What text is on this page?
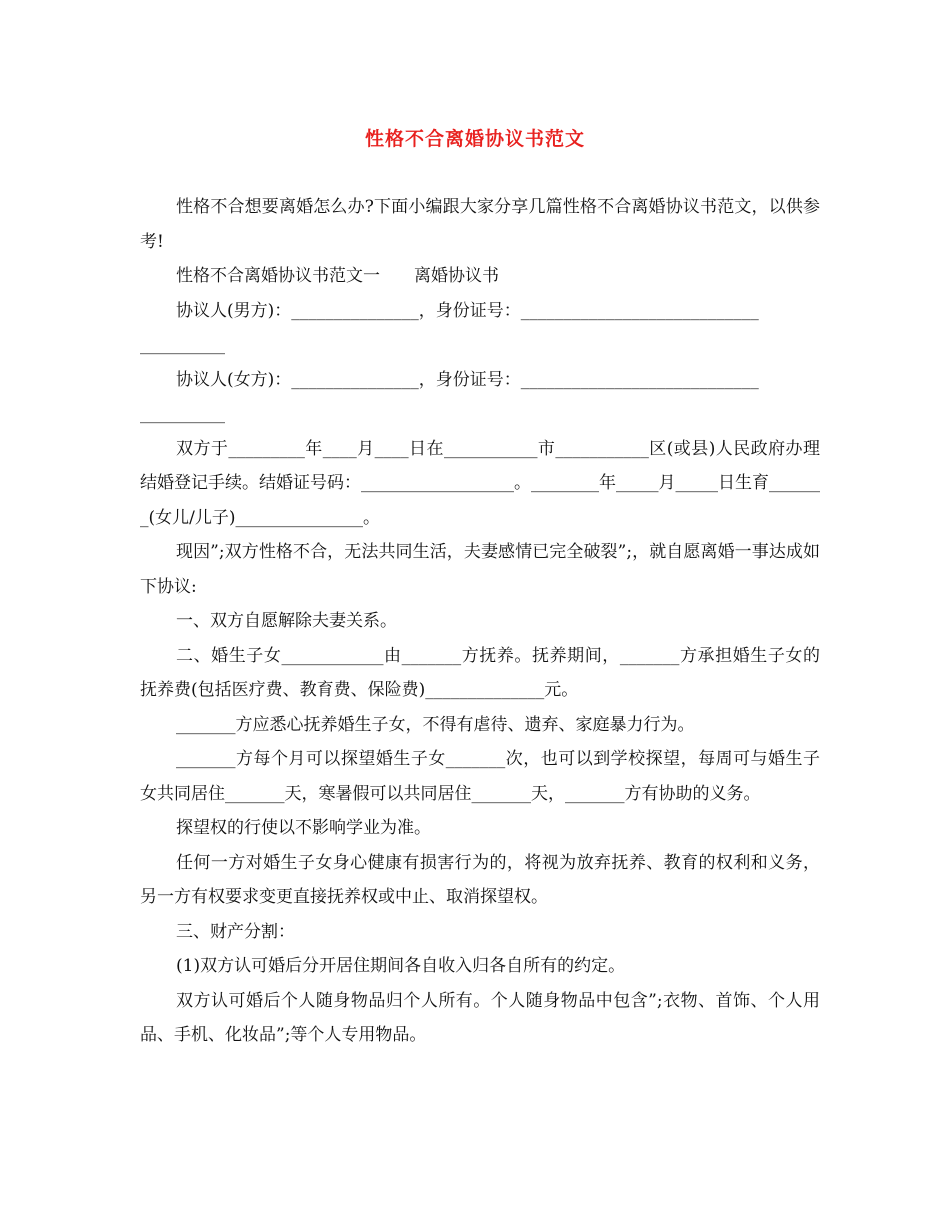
性格不合离婚协议书范文

性格不合想要离婚怎么办?下面小编跟大家分享几篇性格不合离婚协议书范文，以供参考!

性格不合离婚协议书范文一　　离婚协议书

协议人(男方)：_______________，身份证号：____________________________

__________

协议人(女方)：_______________，身份证号：____________________________

__________

双方于_________年____月____日在___________市___________区(或县)人民政府办理结婚登记手续。结婚证号码：__________________。________年_____月_____日生育_______(女儿/儿子)_______________。

现因”;双方性格不合，无法共同生活，夫妻感情已完全破裂”;，就自愿离婚一事达成如下协议:

一、双方自愿解除夫妻关系。

二、婚生子女____________由_______方抚养。抚养期间，_______方承担婚生子女的抚养费(包括医疗费、教育费、保险费)______________元。

_______方应悉心抚养婚生子女，不得有虐待、遗弃、家庭暴力行为。

_______方每个月可以探望婚生子女_______次，也可以到学校探望，每周可与婚生子女共同居住_______天，寒暑假可以共同居住_______天，_______方有协助的义务。

探望权的行使以不影响学业为准。

任何一方对婚生子女身心健康有损害行为的，将视为放弃抚养、教育的权利和义务，另一方有权要求变更直接抚养权或中止、取消探望权。

三、财产分割：

(1)双方认可婚后分开居住期间各自收入归各自所有的约定。

双方认可婚后个人随身物品归个人所有。个人随身物品中包含”;衣物、首饰、个人用品、手机、化妆品”;等个人专用物品。
